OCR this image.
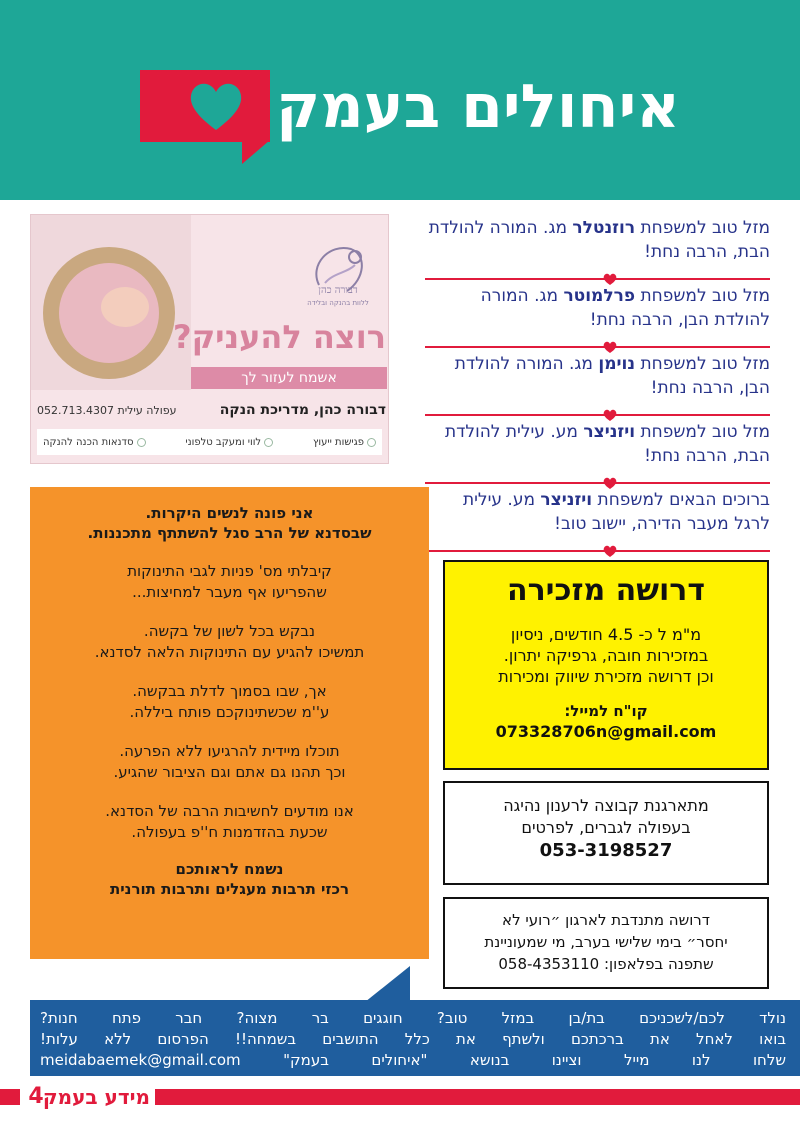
איחולים בעמק
מזל טוב למשפחת רוזנטלר מג. המורה להולדת הבת, הרבה נחת!
מזל טוב למשפחת פרלמוטר מג. המורה להולדת הבן, הרבה נחת!
מזל טוב למשפחת נוימן מג. המורה להולדת הבן, הרבה נחת!
מזל טוב למשפחת ויזניצר מע. עילית להולדת הבת, הרבה נחת!
ברוכים הבאים למשפחת ויזניצר מע. עילית לרגל מעבר הדירה, יישוב טוב!
דבורה כהן
ללוות בהנקה ובלידה
רוצה להעניק?
אשמח לעזור לך
דבורה כהן, מדריכת הנקה
עפולה עילית 052.713.4307
פגישות ייעוץ
לווי ומעקב טלפוני
סדנאות הכנה להנקה
אני פונה לנשים היקרות.
שבסדנא של הרב סגל להשתתף מתכננות.
קיבלתי מס' פניות לגבי התינוקות
שהפריעו אף מעבר למחיצות...
נבקש בכל לשון של בקשה.
תמשיכו להגיע עם התינוקות הלאה לסדנא.
אך, שבו בסמוך לדלת בבקשה.
ע''מ שכשתינוקכם פותח ביללה.
תוכלו מיידית להרגיעו ללא הפרעה.
וכך תהנו גם אתם וגם הציבור שהגיע.
אנו מודעים לחשיבות הרבה של הסדנא.
שכעת בהזדמנות ח''פ בעפולה.
נשמח לראותכם
רכזי תרבות מעגלים ותרבות תורנית
דרושה מזכירה
מ"מ ל כ- 4.5 חודשים, ניסיון
במזכירות חובה, גרפיקה יתרון.
וכן דרושה מזכירת שיווק ומכירות
קו"ח למייל:
073328706n@gmail.com
מתארגנת קבוצה לרענון נהיגה
בעפולה לגברים, לפרטים
053-3198527
דרושה מתנדבת לארגון ״רועי לא
יחסר״ בימי שלישי בערב, מי שמעוניינת
שתפנה בפלאפון: 058-4353110
נולד לכם/לשכניכם בת/בן במזל טוב? חוגגים בר מצוה? חבר פתח חנות?
בואו לאחל את ברכתכם ולשתף את כלל התושבים בשמחה!! הפרסום ללא עלות!
שלחו לנו מייל וציינו בנושא "איחולים בעמק" meidabaemek@gmail.com
מידע בעמק
4
